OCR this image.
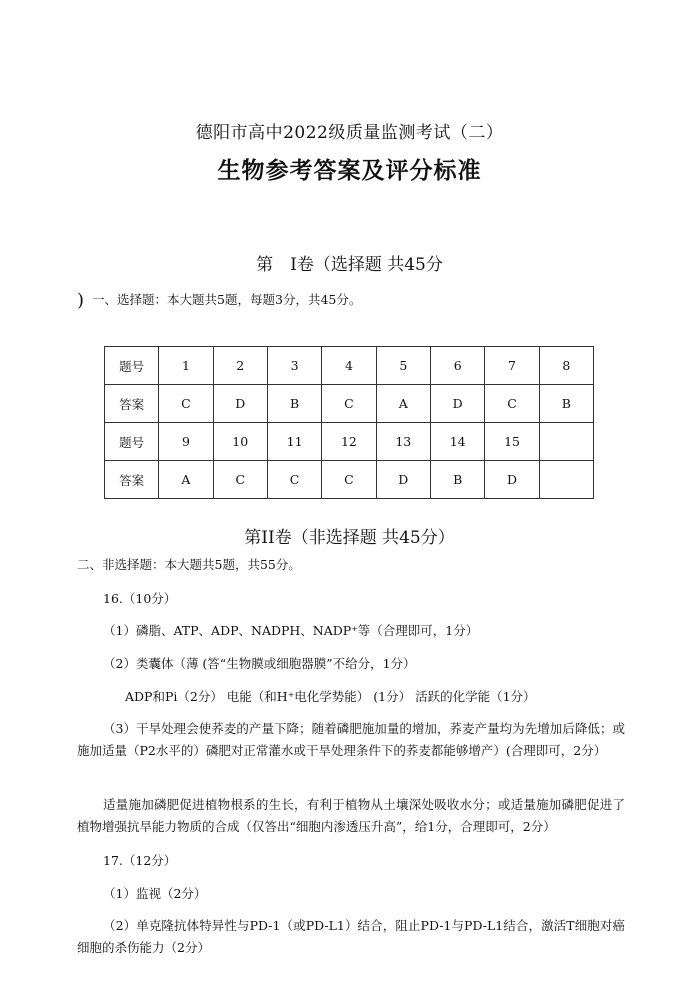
德阳市高中2022级质量监测考试（二）
生物参考答案及评分标准
第　I卷（选择题 共45分
) 一、选择题：本大题共5题，每题3分，共45分。
题号	1	2	3	4	5	6	7	8
答案	C	D	B	C	A	D	C	B
题号	9	10	11	12	13	14	15	
答案	A	C	C	C	D	B	D	
第II卷（非选择题 共45分）
二、非选择题：本大题共5题，共55分。
16.（10分）
（1）磷脂、ATP、ADP、NADPH、NADP⁺等（合理即可，1分）
（2）类囊体（薄 (答“生物膜或细胞器膜”不给分，1分）
ADP和Pi（2分） 电能（和H⁺电化学势能） (1分） 活跃的化学能（1分）
（3）干旱处理会使荞麦的产量下降；随着磷肥施加量的增加，荞麦产量均为先增加后降低；或施加适量（P2水平的）磷肥对正常灌水或干旱处理条件下的荞麦都能够增产）(合理即可，2分）
适量施加磷肥促进植物根系的生长，有利于植物从土壤深处吸收水分；或适量施加磷肥促进了植物增强抗旱能力物质的合成（仅答出“细胞内渗透压升高”，给1分，合理即可，2分）
17.（12分）
（1）监视（2分）
（2）单克隆抗体特异性与PD-1（或PD-L1）结合，阻止PD-1与PD-L1结合，激活T细胞对癌细胞的杀伤能力（2分）
